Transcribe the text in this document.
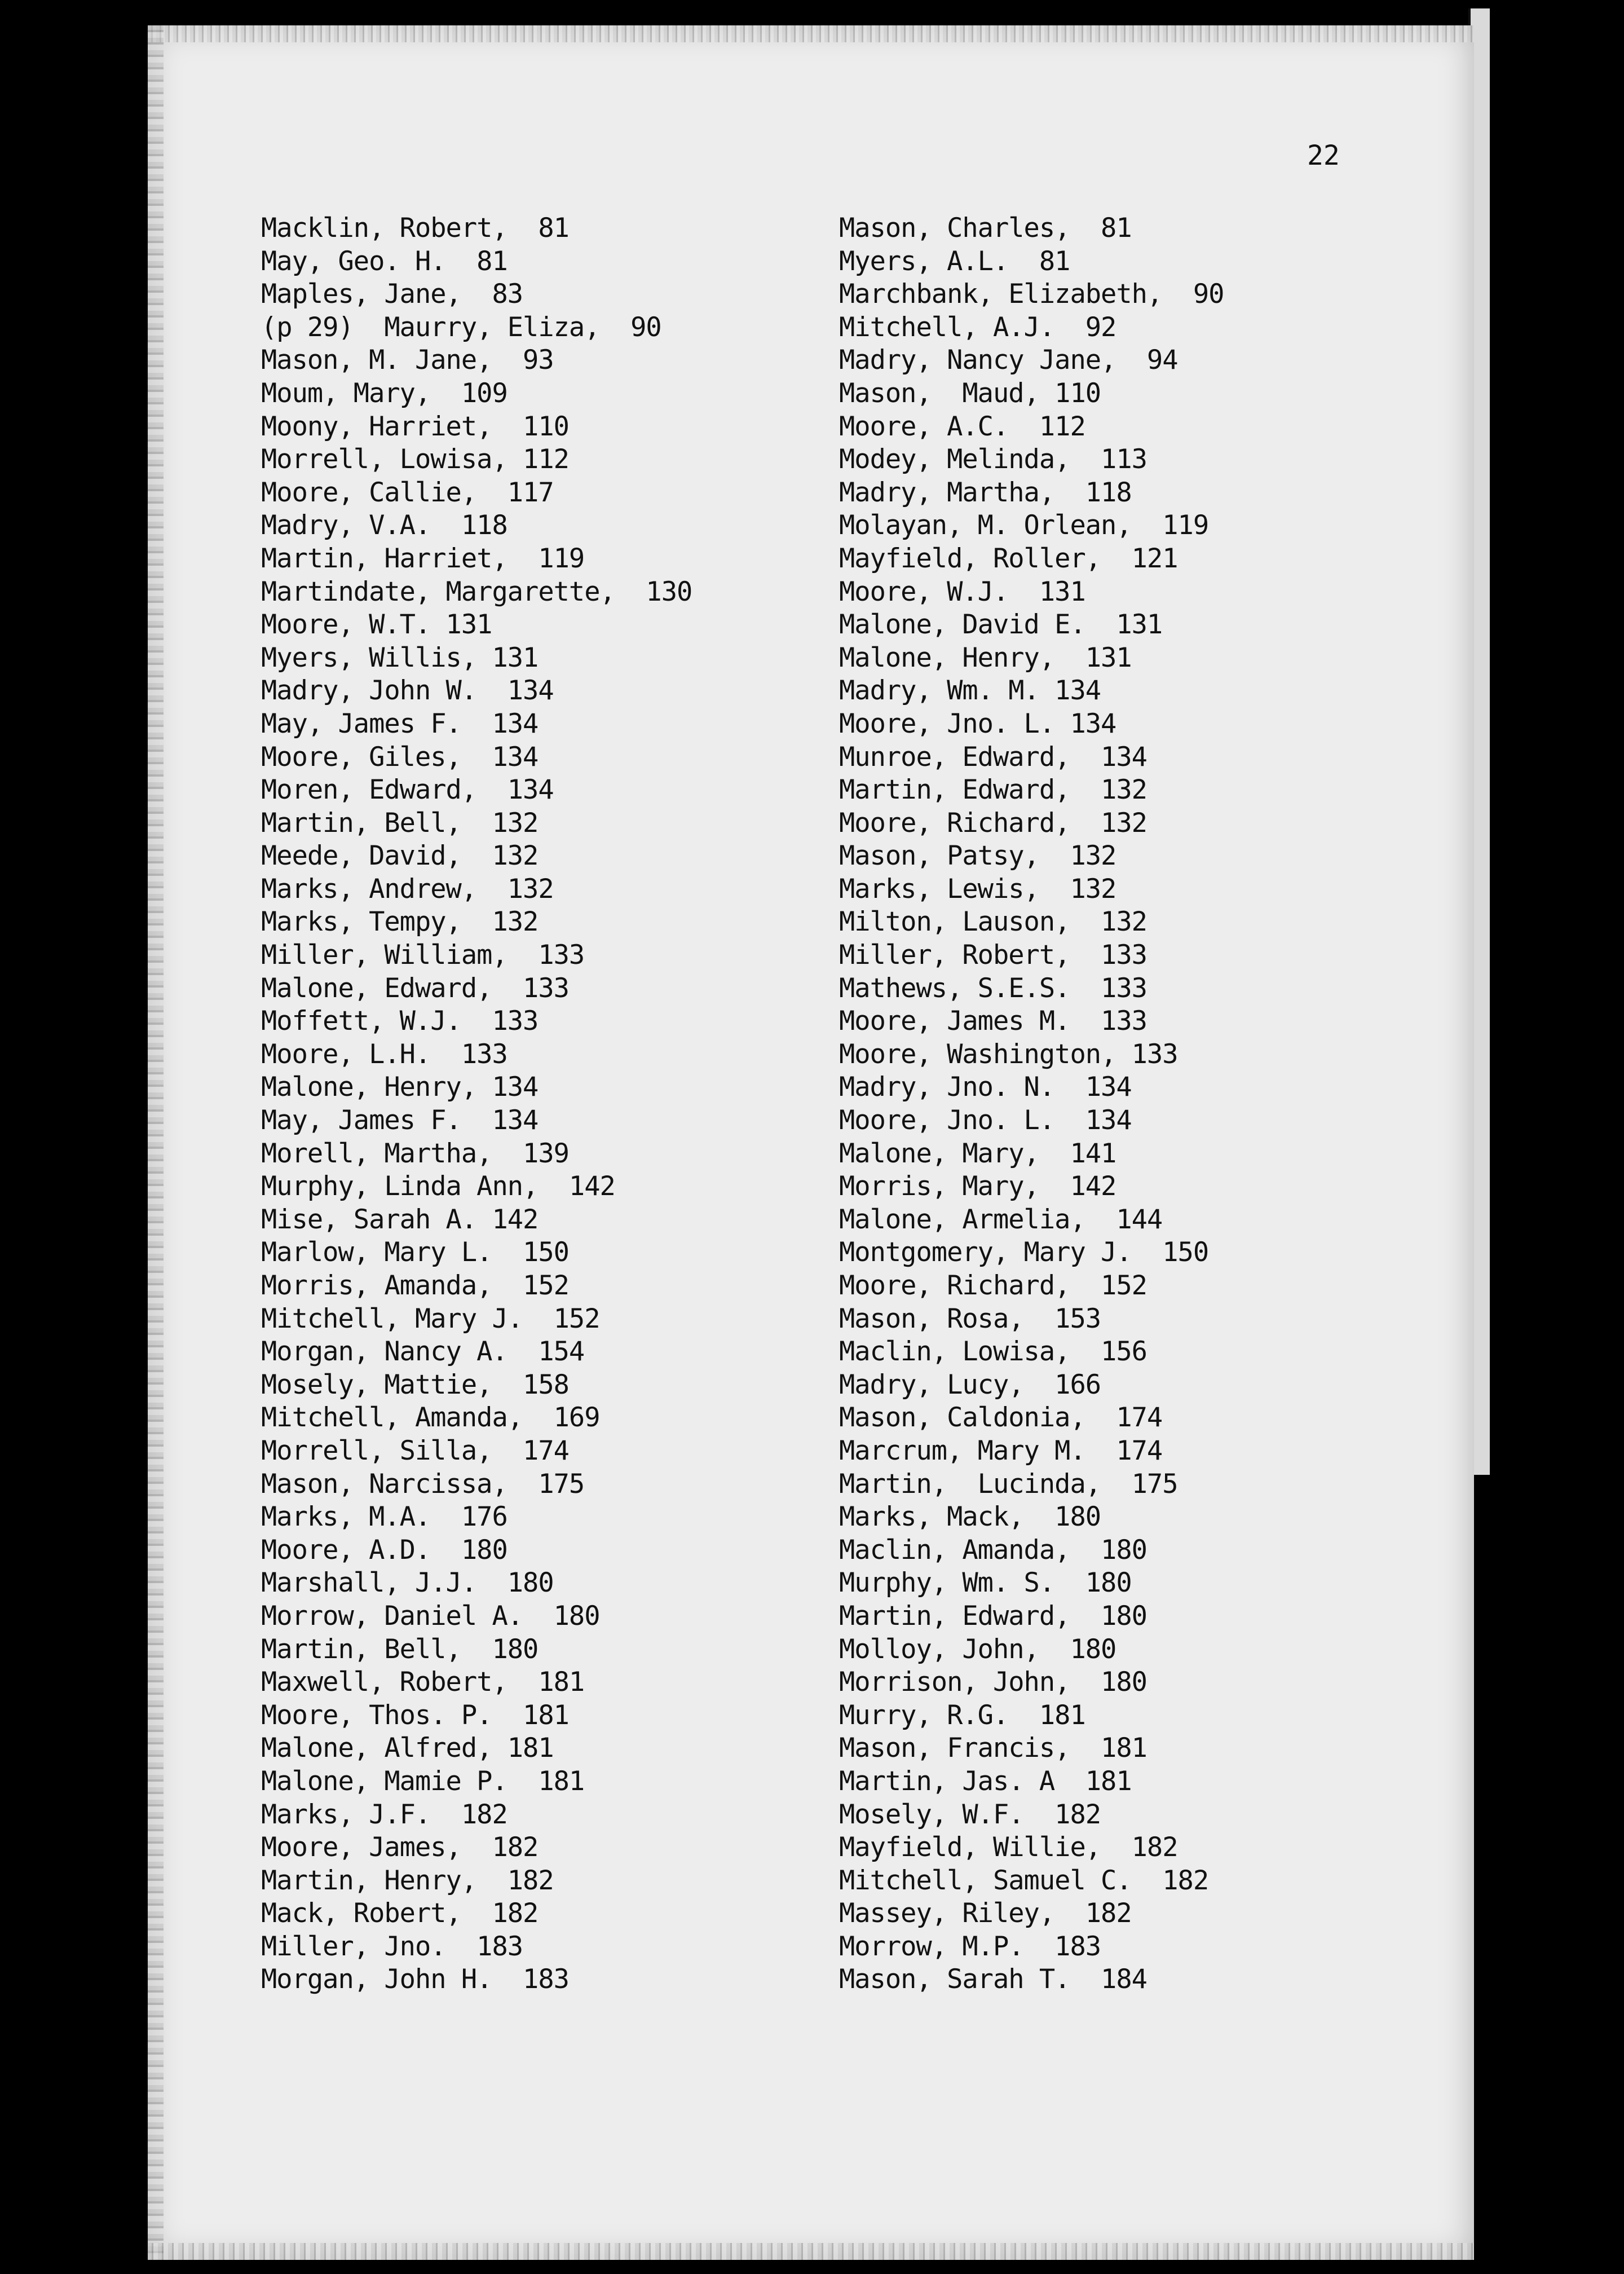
22
Macklin, Robert,  81
May, Geo. H.  81
Maples, Jane,  83
(p 29)  Maurry, Eliza,  90
Mason, M. Jane,  93
Moum, Mary,  109
Moony, Harriet,  110
Morrell, Lowisa, 112
Moore, Callie,  117
Madry, V.A.  118
Martin, Harriet,  119
Martindate, Margarette,  130
Moore, W.T. 131
Myers, Willis, 131
Madry, John W.  134
May, James F.  134
Moore, Giles,  134
Moren, Edward,  134
Martin, Bell,  132
Meede, David,  132
Marks, Andrew,  132
Marks, Tempy,  132
Miller, William,  133
Malone, Edward,  133
Moffett, W.J.  133
Moore, L.H.  133
Malone, Henry, 134
May, James F.  134
Morell, Martha,  139
Murphy, Linda Ann,  142
Mise, Sarah A. 142
Marlow, Mary L.  150
Morris, Amanda,  152
Mitchell, Mary J.  152
Morgan, Nancy A.  154
Mosely, Mattie,  158
Mitchell, Amanda,  169
Morrell, Silla,  174
Mason, Narcissa,  175
Marks, M.A.  176
Moore, A.D.  180
Marshall, J.J.  180
Morrow, Daniel A.  180
Martin, Bell,  180
Maxwell, Robert,  181
Moore, Thos. P.  181
Malone, Alfred, 181
Malone, Mamie P.  181
Marks, J.F.  182
Moore, James,  182
Martin, Henry,  182
Mack, Robert,  182
Miller, Jno.  183
Morgan, John H.  183
Mason, Charles,  81
Myers, A.L.  81
Marchbank, Elizabeth,  90
Mitchell, A.J.  92
Madry, Nancy Jane,  94
Mason,  Maud, 110
Moore, A.C.  112
Modey, Melinda,  113
Madry, Martha,  118
Molayan, M. Orlean,  119
Mayfield, Roller,  121
Moore, W.J.  131
Malone, David E.  131
Malone, Henry,  131
Madry, Wm. M. 134
Moore, Jno. L. 134
Munroe, Edward,  134
Martin, Edward,  132
Moore, Richard,  132
Mason, Patsy,  132
Marks, Lewis,  132
Milton, Lauson,  132
Miller, Robert,  133
Mathews, S.E.S.  133
Moore, James M.  133
Moore, Washington, 133
Madry, Jno. N.  134
Moore, Jno. L.  134
Malone, Mary,  141
Morris, Mary,  142
Malone, Armelia,  144
Montgomery, Mary J.  150
Moore, Richard,  152
Mason, Rosa,  153
Maclin, Lowisa,  156
Madry, Lucy,  166
Mason, Caldonia,  174
Marcrum, Mary M.  174
Martin,  Lucinda,  175
Marks, Mack,  180
Maclin, Amanda,  180
Murphy, Wm. S.  180
Martin, Edward,  180
Molloy, John,  180
Morrison, John,  180
Murry, R.G.  181
Mason, Francis,  181
Martin, Jas. A  181
Mosely, W.F.  182
Mayfield, Willie,  182
Mitchell, Samuel C.  182
Massey, Riley,  182
Morrow, M.P.  183
Mason, Sarah T.  184
